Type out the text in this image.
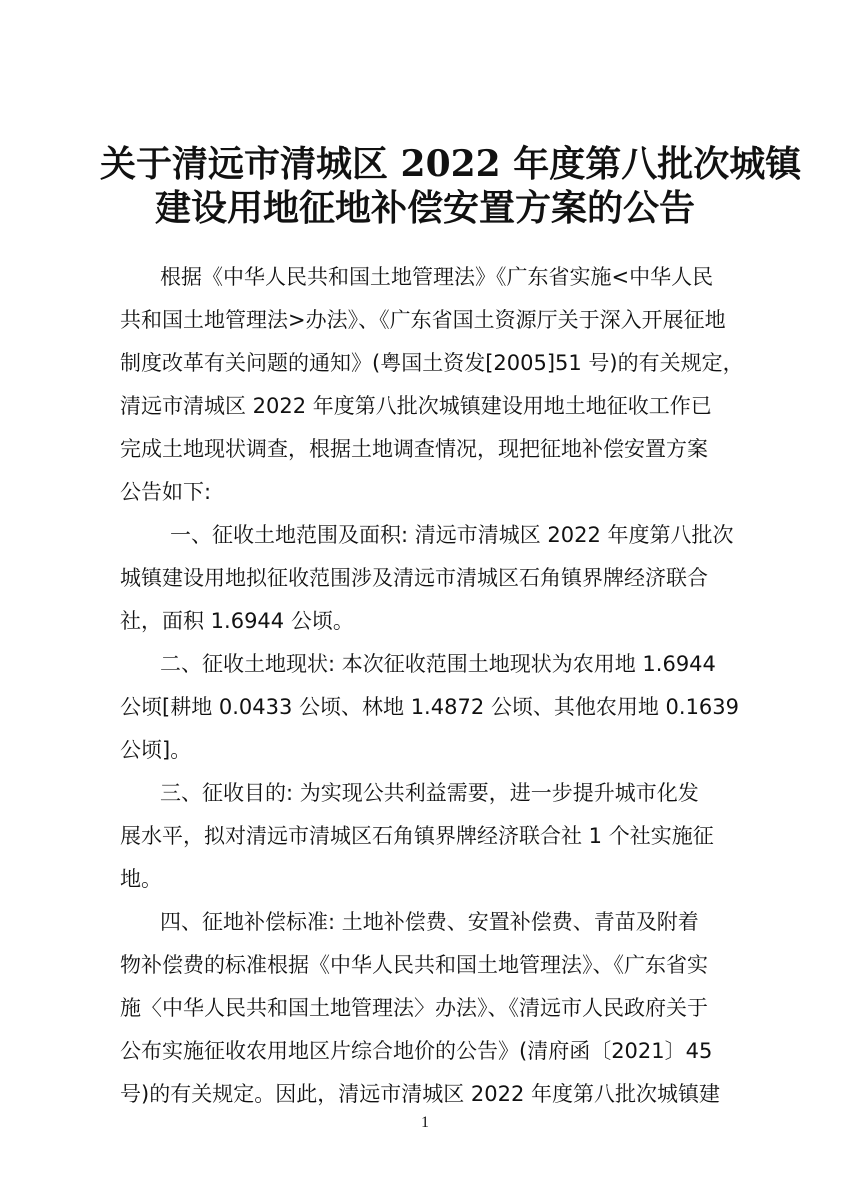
关于清远市清城区 2022 年度第八批次城镇
建设用地征地补偿安置方案的公告

根据《中华人民共和国土地管理法》《广东省实施<中华人民

共和国土地管理法>办法》、《广东省国土资源厅关于深入开展征地

制度改革有关问题的通知》(粤国土资发[2005]51 号)的有关规定，

清远市清城区 2022 年度第八批次城镇建设用地土地征收工作已

完成土地现状调查，根据土地调查情况，现把征地补偿安置方案

公告如下:

一、征收土地范围及面积: 清远市清城区 2022 年度第八批次

城镇建设用地拟征收范围涉及清远市清城区石角镇界牌经济联合

社，面积 1.6944 公顷。

二、征收土地现状: 本次征收范围土地现状为农用地 1.6944

公顷[耕地 0.0433 公顷、林地 1.4872 公顷、其他农用地 0.1639

公顷]。

三、征收目的: 为实现公共利益需要，进一步提升城市化发

展水平，拟对清远市清城区石角镇界牌经济联合社 1 个社实施征

地。

四、征地补偿标准: 土地补偿费、安置补偿费、青苗及附着

物补偿费的标准根据《中华人民共和国土地管理法》、《广东省实

施〈中华人民共和国土地管理法〉办法》、《清远市人民政府关于

公布实施征收农用地区片综合地价的公告》(清府函〔2021〕45

号)的有关规定。因此，清远市清城区 2022 年度第八批次城镇建

1
